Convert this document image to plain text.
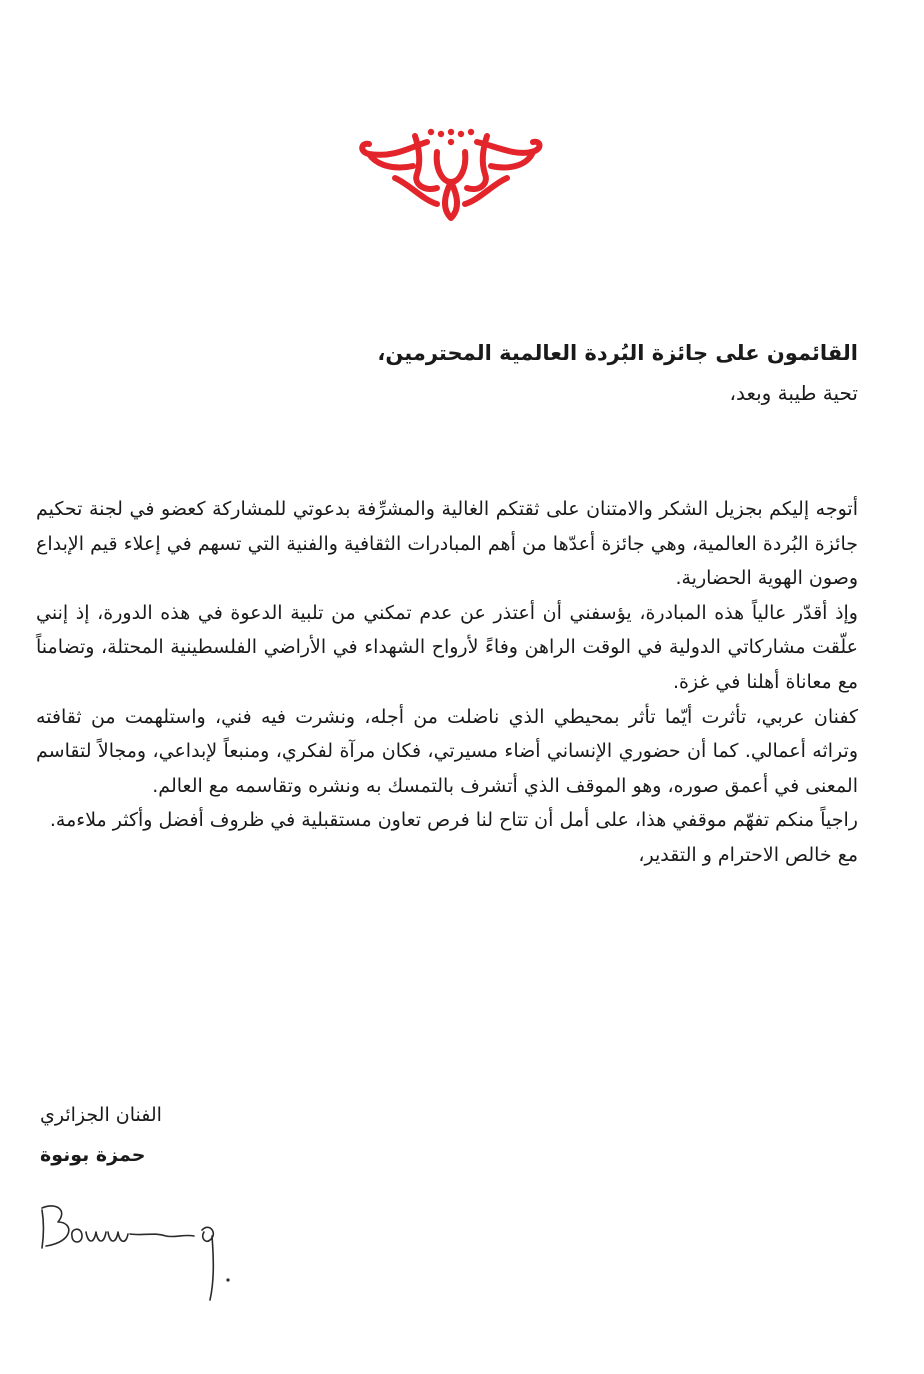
حمزة
القائمون على جائزة البُردة العالمية المحترمين،
تحية طيبة وبعد،

أتوجه إليكم بجزيل الشكر والامتنان على ثقتكم الغالية والمشرِّفة بدعوتي للمشاركة كعضو في لجنة تحكيم جائزة البُردة العالمية، وهي جائزة أعدّها من أهم المبادرات الثقافية والفنية التي تسهم في إعلاء قيم الإبداع وصون الهوية الحضارية.

وإذ أقدّر عالياً هذه المبادرة، يؤسفني أن أعتذر عن عدم تمكني من تلبية الدعوة في هذه الدورة، إذ إنني علّقت مشاركاتي الدولية في الوقت الراهن وفاءً لأرواح الشهداء في الأراضي الفلسطينية المحتلة، وتضامناً مع معاناة أهلنا في غزة.

كفنان عربي، تأثرت أيّما تأثر بمحيطي الذي ناضلت من أجله، ونشرت فيه فني، واستلهمت من ثقافته وتراثه أعمالي. كما أن حضوري الإنساني أضاء مسيرتي، فكان مرآة لفكري، ومنبعاً لإبداعي، ومجالاً لتقاسم المعنى في أعمق صوره، وهو الموقف الذي أتشرف بالتمسك به ونشره وتقاسمه مع العالم.

راجياً منكم تفهّم موقفي هذا، على أمل أن تتاح لنا فرص تعاون مستقبلية في ظروف أفضل وأكثر ملاءمة.

مع خالص الاحترام و التقدير،

الفنان الجزائري
حمزة بونوة
